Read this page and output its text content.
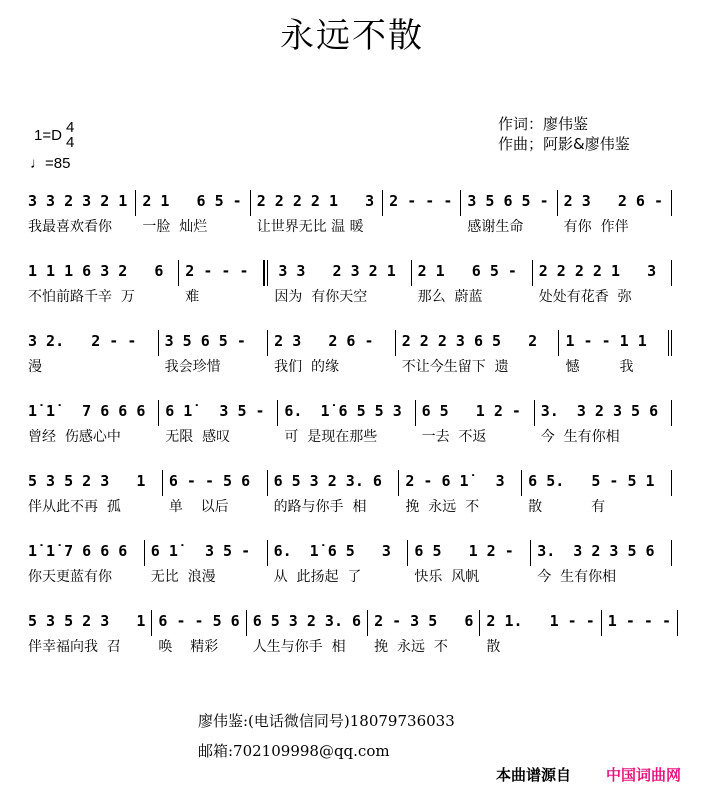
永远不散
1=D 4
4
♩=85
作词：廖伟鉴
作曲；阿影&廖伟鉴
3 3 2 3 2 1
我最喜欢看你
2 1   6 5 -
一脸  灿烂
2 2 2 2 1   3
让世界无比 温 暖
2 - - - 3 5 6 5 -
感谢生命
2 3   2 6 -
有你  作伴
1 1 1 6 3 2   6
不怕前路千辛  万
2 - - -
难
3 3   2 3 2 1
因为  有你天空
2 1   6 5 -
那么  蔚蓝
2 2 2 2 1   3
处处有花香  弥
3 2.   2 - -
漫
3 5 6 5 -
我会珍惜
2 3   2 6 -
我们  的缘
2 2 2 3 6 5   2
不让今生留下  遗
1 - - 1 1
憾         我
1̇ 1̇   7 6 6 6
曾经  伤感心中
6 1̇   3 5 -
无限  感叹
6.  1̇ 6 5 5 3
可  是现在那些
6 5   1 2 -
一去  不返
3.  3 2 3 5 6
今  生有你相
5 3 5 2 3   1
伴从此不再  孤
6 - - 5 6
单    以后
6 5 3 2 3. 6
的路与你手  相
2 - 6 1̇   3
挽  永远  不
6 5.   5 - 5 1
散           有
1̇ 1̇ 7 6 6 6
你天更蓝有你
6 1̇   3 5 -
无比  浪漫
6.  1̇ 6 5   3
从  此扬起  了
6 5   1 2 -
快乐  风帆
3.  3 2 3 5 6
今  生有你相
5 3 5 2 3   1
伴幸福向我  召
6 - - 5 6
唤    精彩
6 5 3 2 3. 6
人生与你手  相
2 - 3 5   6
挽  永远  不
2 1.   1 - -
散
1 - - -
廖伟鉴:(电话微信同号)18079736033
邮箱:702109998@qq.com
本曲谱源自 中国词曲网
